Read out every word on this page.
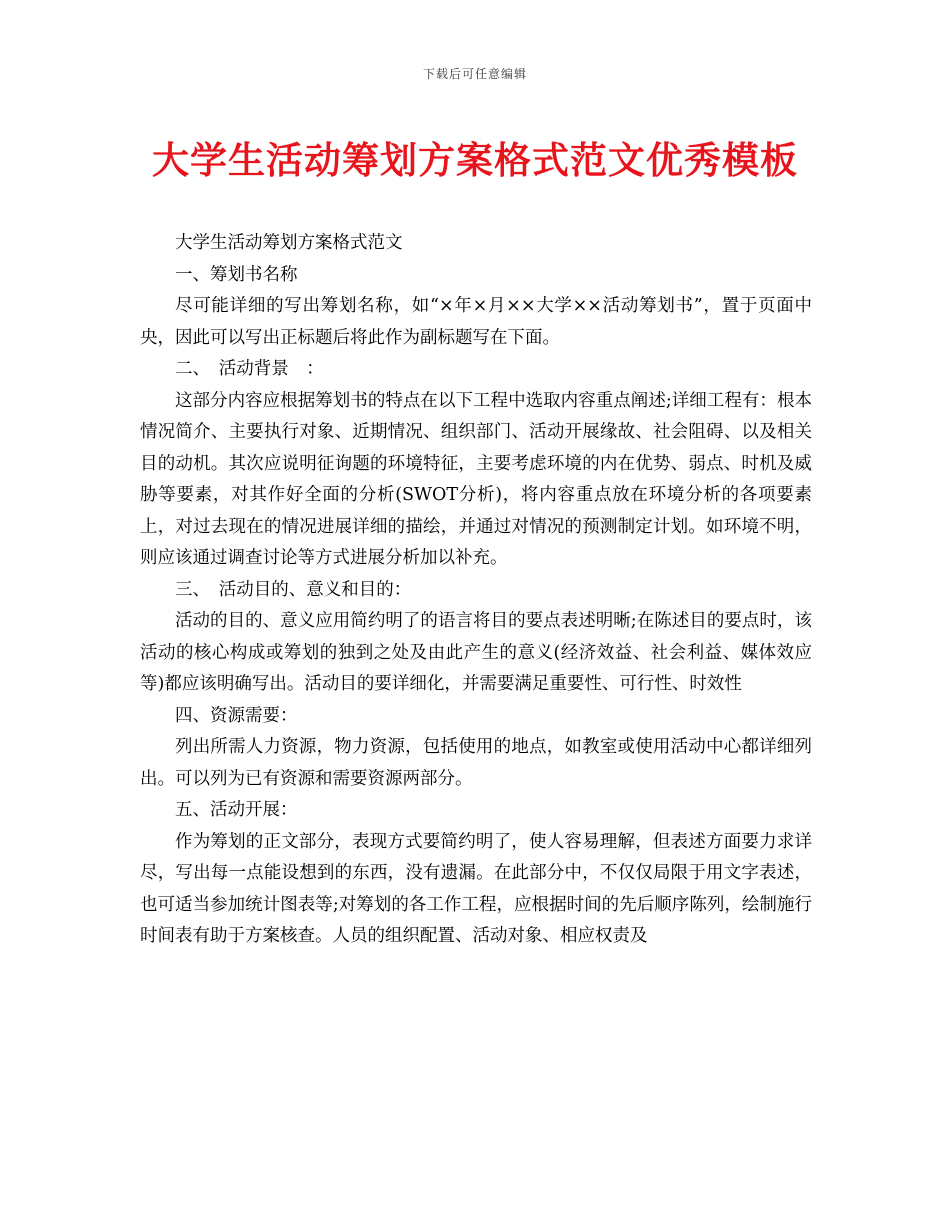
下载后可任意编辑
大学生活动筹划方案格式范文优秀模板

大学生活动筹划方案格式范文

一、筹划书名称

尽可能详细的写出筹划名称，如“×年×月××大学××活动筹划书”，置于页面中央，因此可以写出正标题后将此作为副标题写在下面。

二、　活动背景　：

这部分内容应根据筹划书的特点在以下工程中选取内容重点阐述;详细工程有：根本情况简介、主要执行对象、近期情况、组织部门、活动开展缘故、社会阻碍、以及相关目的动机。其次应说明征询题的环境特征，主要考虑环境的内在优势、弱点、时机及威胁等要素，对其作好全面的分析(SWOT分析)，将内容重点放在环境分析的各项要素上，对过去现在的情况进展详细的描绘，并通过对情况的预测制定计划。如环境不明，则应该通过调查讨论等方式进展分析加以补充。

三、　活动目的、意义和目的：

活动的目的、意义应用简约明了的语言将目的要点表述明晰;在陈述目的要点时，该活动的核心构成或筹划的独到之处及由此产生的意义(经济效益、社会利益、媒体效应等)都应该明确写出。活动目的要详细化，并需要满足重要性、可行性、时效性

四、资源需要：

列出所需人力资源，物力资源，包括使用的地点，如教室或使用活动中心都详细列出。可以列为已有资源和需要资源两部分。

五、活动开展：

作为筹划的正文部分，表现方式要简约明了，使人容易理解，但表述方面要力求详尽，写出每一点能设想到的东西，没有遗漏。在此部分中，不仅仅局限于用文字表述，也可适当参加统计图表等;对筹划的各工作工程，应根据时间的先后顺序陈列，绘制施行时间表有助于方案核查。人员的组织配置、活动对象、相应权责及
